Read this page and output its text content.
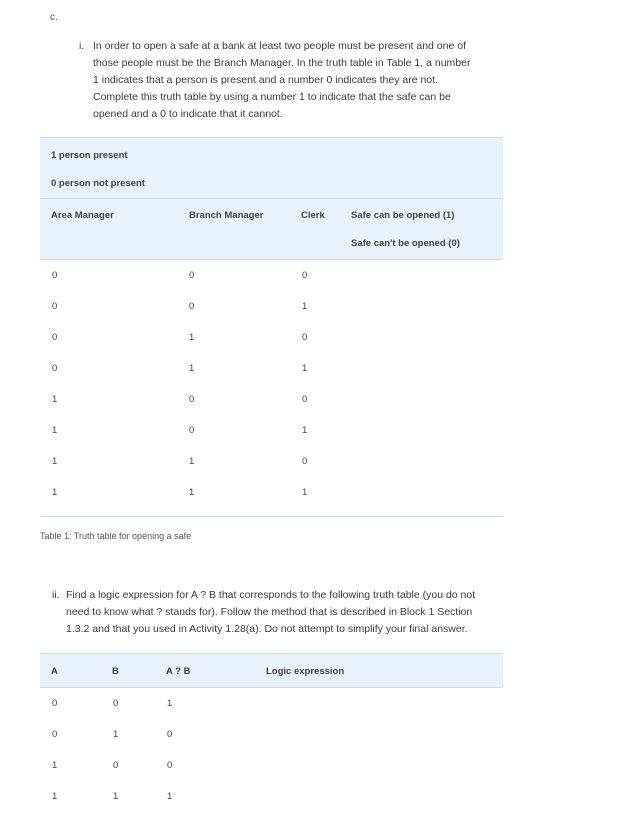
c.
i. In order to open a safe at a bank at least two people must be present and one of
those people must be the Branch Manager. In the truth table in Table 1, a number
1 indicates that a person is present and a number 0 indicates they are not.
Complete this truth table by using a number 1 to indicate that the safe can be
opened and a 0 to indicate that it cannot.
1 person present
0 person not present
Area Manager	Branch Manager	Clerk	Safe can be opened (1)
Safe can't be opened (0)
0	0	0
0	0	1
0	1	0
0	1	1
1	0	0
1	0	1
1	1	0
1	1	1
Table 1: Truth table for opening a safe
ii. Find a logic expression for A ? B that corresponds to the following truth table (you do not
need to know what ? stands for). Follow the method that is described in Block 1 Section
1.3.2 and that you used in Activity 1.28(a). Do not attempt to simplify your final answer.
A	B	A ? B	Logic expression
0	0	1
0	1	0
1	0	0
1	1	1
